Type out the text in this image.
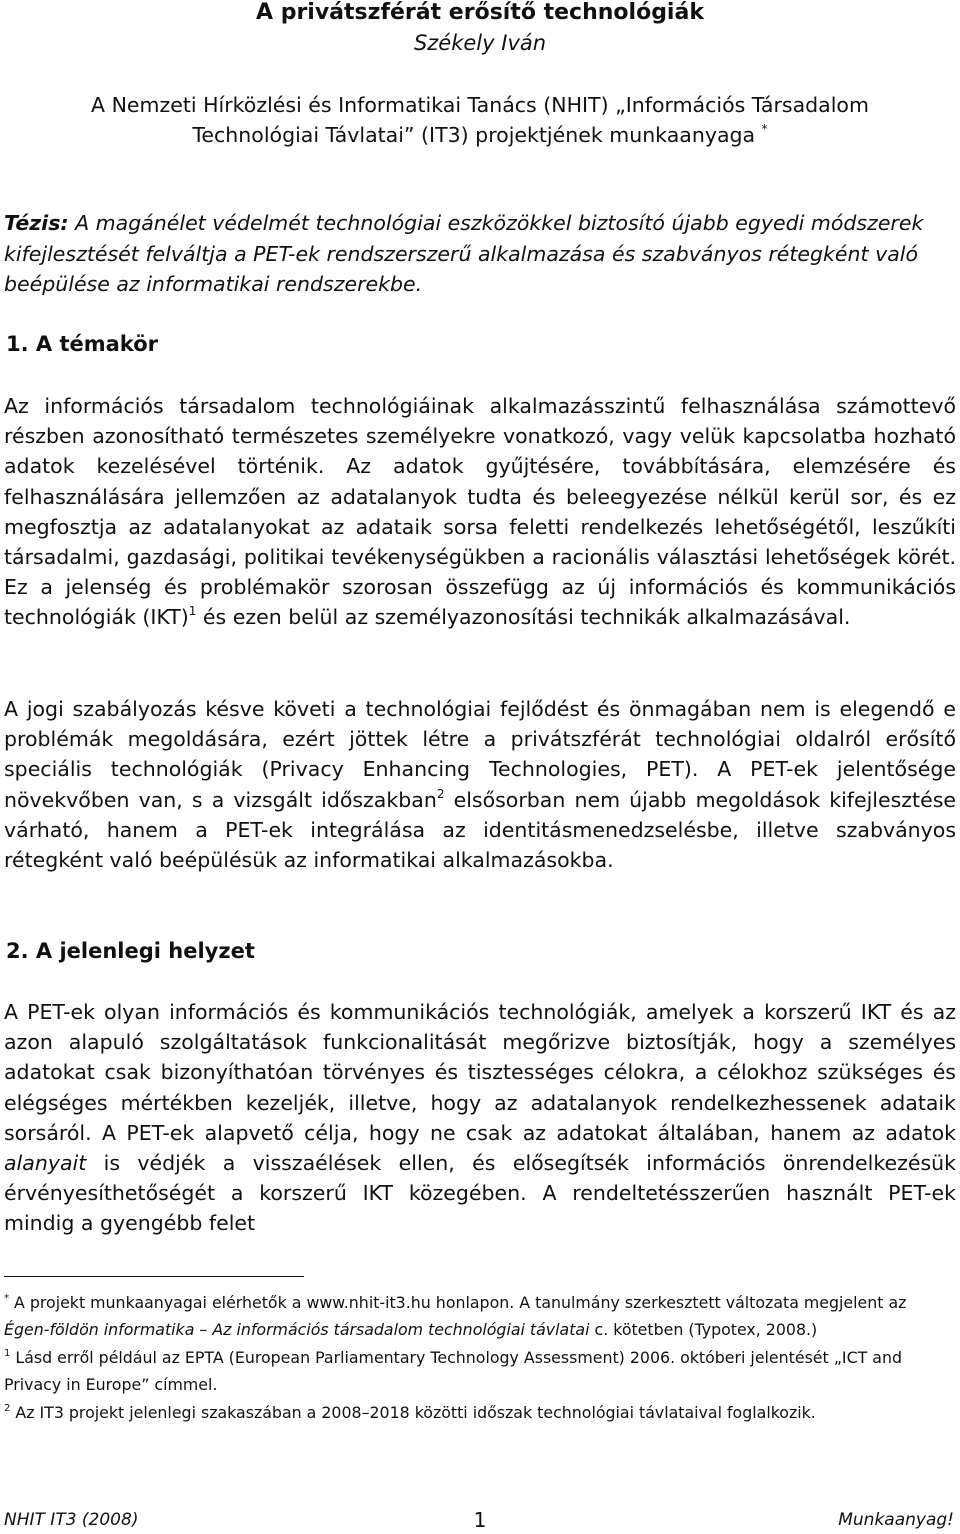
A privátszférát erősítő technológiák
Székely Iván
A Nemzeti Hírközlési és Informatikai Tanács (NHIT) „Információs Társadalom
Technológiai Távlatai” (IT3) projektjének munkaanyaga *
Tézis: A magánélet védelmét technológiai eszközökkel biztosító újabb egyedi módszerek kifejlesztését felváltja a PET-ek rendszerszerű alkalmazása és szabványos rétegként való beépülése az informatikai rendszerekbe.
1. A témakör
Az információs társadalom technológiáinak alkalmazásszintű felhasználása számottevő részben azonosítható természetes személyekre vonatkozó, vagy velük kapcsolatba hozható adatok kezelésével történik. Az adatok gyűjtésére, továbbítására, elemzésére és felhasználására jellemzően az adatalanyok tudta és beleegyezése nélkül kerül sor, és ez megfosztja az adatalanyokat az adataik sorsa feletti rendelkezés lehetőségétől, leszűkíti társadalmi, gazdasági, politikai tevékenységükben a racionális választási lehetőségek körét. Ez a jelenség és problémakör szorosan összefügg az új információs és kommunikációs technológiák (IKT)$^1$ és ezen belül az személyazonosítási technikák alkalmazásával.
A jogi szabályozás késve követi a technológiai fejlődést és önmagában nem is elegendő e problémák megoldására, ezért jöttek létre a privátszférát technológiai oldalról erősítő speciális technológiák (Privacy Enhancing Technologies, PET). A PET-ek jelentősége növekvőben van, s a vizsgált időszakban$^2$ elsősorban nem újabb megoldások kifejlesztése várható, hanem a PET-ek integrálása az identitásmenedzselésbe, illetve szabványos rétegként való beépülésük az informatikai alkalmazásokba.
2. A jelenlegi helyzet
A PET-ek olyan információs és kommunikációs technológiák, amelyek a korszerű IKT és az azon alapuló szolgáltatások funkcionalitását megőrizve biztosítják, hogy a személyes adatokat csak bizonyíthatóan törvényes és tisztességes célokra, a célokhoz szükséges és elégséges mértékben kezeljék, illetve, hogy az adatalanyok rendelkezhessenek adataik sorsáról. A PET-ek alapvető célja, hogy ne csak az adatokat általában, hanem az adatok alanyait is védjék a visszaélések ellen, és elősegítsék információs önrendelkezésük érvényesíthetőségét a korszerű IKT közegében. A rendeltetésszerűen használt PET-ek mindig a gyengébb felet

* A projekt munkaanyagai elérhetők a www.nhit-it3.hu honlapon. A tanulmány szerkesztett változata megjelent az Égen-földön informatika – Az információs társadalom technológiai távlatai c. kötetben (Typotex, 2008.)

$^1$ Lásd erről például az EPTA (European Parliamentary Technology Assessment) 2006. októberi jelentését „ICT and Privacy in Europe” címmel.

$^2$ Az IT3 projekt jelenlegi szakaszában a 2008–2018 közötti időszak technológiai távlataival foglalkozik.

NHIT IT3 (2008)	1	Munkaanyag!
